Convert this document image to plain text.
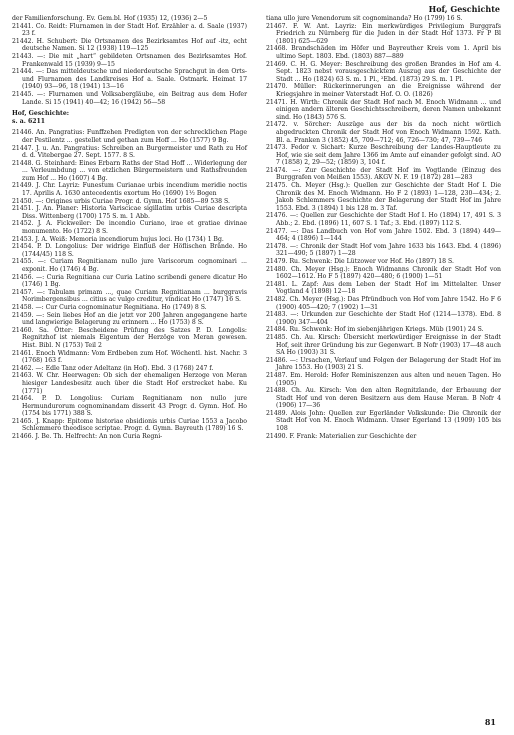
Hof, Geschichte

der Familienforschung. Ev. Gem.bl. Hof (1935) 12, (1936) 2—5

21441. Co. Reidt: Flurnamen in der Stadt Hof. Erzähler a. d. Saale (1937) 23 f.

21442. H. Schubert: Die Ortsnamen des Bezirksamtes Hof auf -itz, echt deutsche Namen. Si 12 (1938) 119—125

21443. —: Die mit „hart“ gebildeten Ortsnamen des Bezirksamtes Hof. Frankenwald 15 (1939) 9—15

21444. —: Das mitteldeutsche und niederdeutsche Sprachgut in den Orts- und Flurnamen des Landkreises Hof a. Saale. Ostmark. Heimat 17 (1940) 93—96, 18 (1941) 13—16

21445. —: Flurnamen und Volksabergläube, ein Beitrag aus dem Hofer Lande. Si 15 (1941) 40—42; 16 (1942) 56—58

Hof, Geschichte:

s. a. 6211

21446. An. Pangratius: Funffzehen Predigten von der schrecklichen Plage der Pestilentz ... gestellet und gethan zum Hoff ... Ho (1577) 9 Bg.

21447. J. u. An. Pangratius: Schreiben an Burgermeister und Rath zu Hof d. d. Vitebergae 27. Sept. 1577. 8 S.

21448. G. Steinhard: Eines Erbarn Raths der Stad Hoff ... Widerlegung der ... Verleumbdung ... von etzlichen Bürgermeistern und Rathsfreunden zum Hof ... Ho (1607) 4 Bg.

21449. J. Chr. Layriz: Funestum Curianae urbis incendium meridie noctis 17. Aprilis A. 1630 antecedentis exortum Ho (1690) 1½ Bogen

21450. —: Origines urbis Curiae Progr. d. Gymn. Hof 1685—89 538 S.

21451. J. An. Planer: Historia Variscicae sigillatim urbis Curiae descripta Diss. Wittenberg (1700) 175 S. m. 1 Abb.

21452. J. A. Fickweiler: De incendio Curiano, irae et gratiae divinae monumento. Ho (1722) 8 S.

21453. J. A. Weiß: Memoria incendiorum hujus loci. Ho (1734) 1 Bg.

21454. P. D. Longolius: Der widrige Einfluß der Höflischen Brände. Ho (1744/45) 118 S.

21455. —: Curiam Regnitianam nullo jure Variscorum cognominari ... exponit. Ho (1746) 4 Bg.

21456. —: Curia Regnitiana cur Curia Latino scribendi genere dicatur Ho (1746) 1 Bg.

21457. —: Tabulam primam ..., quae Curiam Regnitianam ... burggravis Norimbergensibus ... citius ac vulgo creditur, vindicat Ho (1747) 16 S.

21458. —: Cur Curia cognominatur Regnitiana. Ho (1749) 8 S.

21459. —: Sein liebes Hof an die jetzt vor 200 Jahren angegangene harte und langwierige Belagerung zu erinnern ... Ho (1753) 8 S.

21460. Sa. Ötter: Bescheidene Prüfung des Satzes P. D. Longolis: Regnitzhof ist niemals Eigentum der Herzöge von Meran gewesen. Hist. Bibl. N (1753) Teil 2

21461. Enoch Widmann: Vom Erdbeben zum Hof. Wöchentl. hist. Nachr. 3 (1768) 163 f.

21462. —: Edle Tanz oder Adeltanz (in Hof). Ebd. 3 (1768) 247 f.

21463. W. Chr. Heerwagen: Ob sich der ehemaligen Herzoge von Meran hiesiger Landesbesitz auch über die Stadt Hof erstrecket habe. Ku (1771)

21464. P. D. Longolius: Curiam Regnitianam non nullo jure Hermundurorum cognominandam disserit 43 Progr. d. Gymn. Hof. Ho (1754 bis 1771) 388 S.

21465. J. Knapp: Epitome historiae obsidionis urbis Curiae 1553 a Jacobo Schlemmero theodisce scriptae. Progr. d. Gymn. Bayreuth (1789) 16 S.

21466. J. Be. Th. Helfrecht: An non Curia Regni-

tiana ullo jure Venendorum sit cognominanda? Ho (1799) 16 S.

21467. F. W. Ant. Layriz: Ein merkwürdiges Privilegium Burggrafs Friedrich zu Nürnberg für die Juden in der Stadt Hof 1373. Fr P Bl (1801) 625—629

21468. Brandschäden im Höfer und Bayreuther Kreis vom 1. April bis ultimo Sept. 1803. Ebd. (1803) 887—889

21469. C. H. G. Meyer: Beschreibung des großen Brandes in Hof am 4. Sept. 1823 nebst vorausgeschicktem Auszug aus der Geschichte der Stadt ... Ho (1824) 63 S. m. 1 Pl., ²Ebd. (1873) 29 S. m. 1 Pl.

21470. Müller: Rückerinnerungen an die Ereignisse während der Kriegsjahre in meiner Vaterstadt Hof. O. O. (1826)

21471. H. Wirth: Chronik der Stadt Hof nach M. Enoch Widmann ... und einigen andern älteren Geschichtsschreibern, deren Namen unbekannt sind. Ho (1843) 576 S.

21472. v. Sörcher: Auszüge aus der bis da noch nicht wörtlich abgedruckten Chronik der Stadt Hof von Enoch Widmann 1592. Kath. Bl. a. Franken 3 (1852) 45, 709—712; 46, 726—730; 47, 739—746

21473. Fedor v. Sichart: Kurze Beschreibung der Landes-Hauptleute zu Hof, wie sie seit dem Jahre 1366 im Amte auf einander gefolgt sind. AO 7 (1858) 2, 29—52; (1859) 3, 104 f.

21474. —: Zur Geschichte der Stadt Hof im Vogtlande (Einzug des Burggrafen von Meißen 1553). AKGV N. F. 19 (1872) 281—283

21475. Ch. Meyer (Hsg.): Quellen zur Geschichte der Stadt Hof I. Die Chronik des M. Enoch Widmann. Ho F 2 (1893) 1—128, 230—434; 2. Jakob Schlemmers Geschichte der Belagerung der Stadt Hof im Jahre 1553. Ebd. 3 (1894) 1 bis 128 m. 3 Taf.

21476. —: Quellen zur Geschichte der Stadt Hof I. Ho (1894) 17, 491 S. 3 Abb.; 2. Ebd. (1896) 11, 607 S. 1 Taf.; 3. Ebd. (1897) 112 S.

21477. —: Das Landbuch von Hof vom Jahre 1502. Ebd. 3 (1894) 449—464; 4 (1896) 1—144

21478. —: Chronik der Stadt Hof vom Jahre 1633 bis 1643. Ebd. 4 (1896) 321—490; 5 (1897) 1—28

21479. Ru. Schwenk: Die Lützower vor Hof. Ho (1897) 18 S.

21480. Ch. Meyer (Hsg.): Enoch Widmanns Chronik der Stadt Hof von 1602—1612. Ho F 5 (1897) 420—480; 6 (1900) 1—51

21481. L. Zapf: Aus dem Leben der Stadt Hof im Mittelalter. Unser Vogtland 4 (1898) 12—18

21482. Ch. Meyer (Hsg.): Das Pfründbuch von Hof vom Jahre 1542. Ho F 6 (1900) 405—420; 7 (1902) 1—31

21483. —: Urkunden zur Geschichte der Stadt Hof (1214—1378). Ebd. 8 (1900) 347—404

21484. Ru. Schwenk: Hof im siebenjährigen Kriegs. Müb (1901) 24 S.

21485. Ch. Au. Kirsch: Übersicht merkwürdiger Ereignisse in der Stadt Hof, seit ihrer Gründung bis zur Gegenwart. B Nofr (1903) 17—48 auch SA Ho (1903) 31 S.

21486. —: Ursachen, Verlauf und Folgen der Belagerung der Stadt Hof im Jahre 1553. Ho (1903) 21 S.

21487. Em. Herold: Hofer Reminiszenzen aus alten und neuen Tagen. Ho (1905)

21488. Ch. Au. Kirsch: Von den alten Regnitzlande, der Erbauung der Stadt Hof und von deren Besitzern aus dem Hause Meran. B Nofr 4 (1906) 17—36

21489. Alois John: Quellen zur Egerländer Volkskunde: Die Chronik der Stadt Hof von M. Enoch Widmann. Unser Egerland 13 (1909) 105 bis 108

21490. F. Frank: Materialien zur Geschichte der

81
